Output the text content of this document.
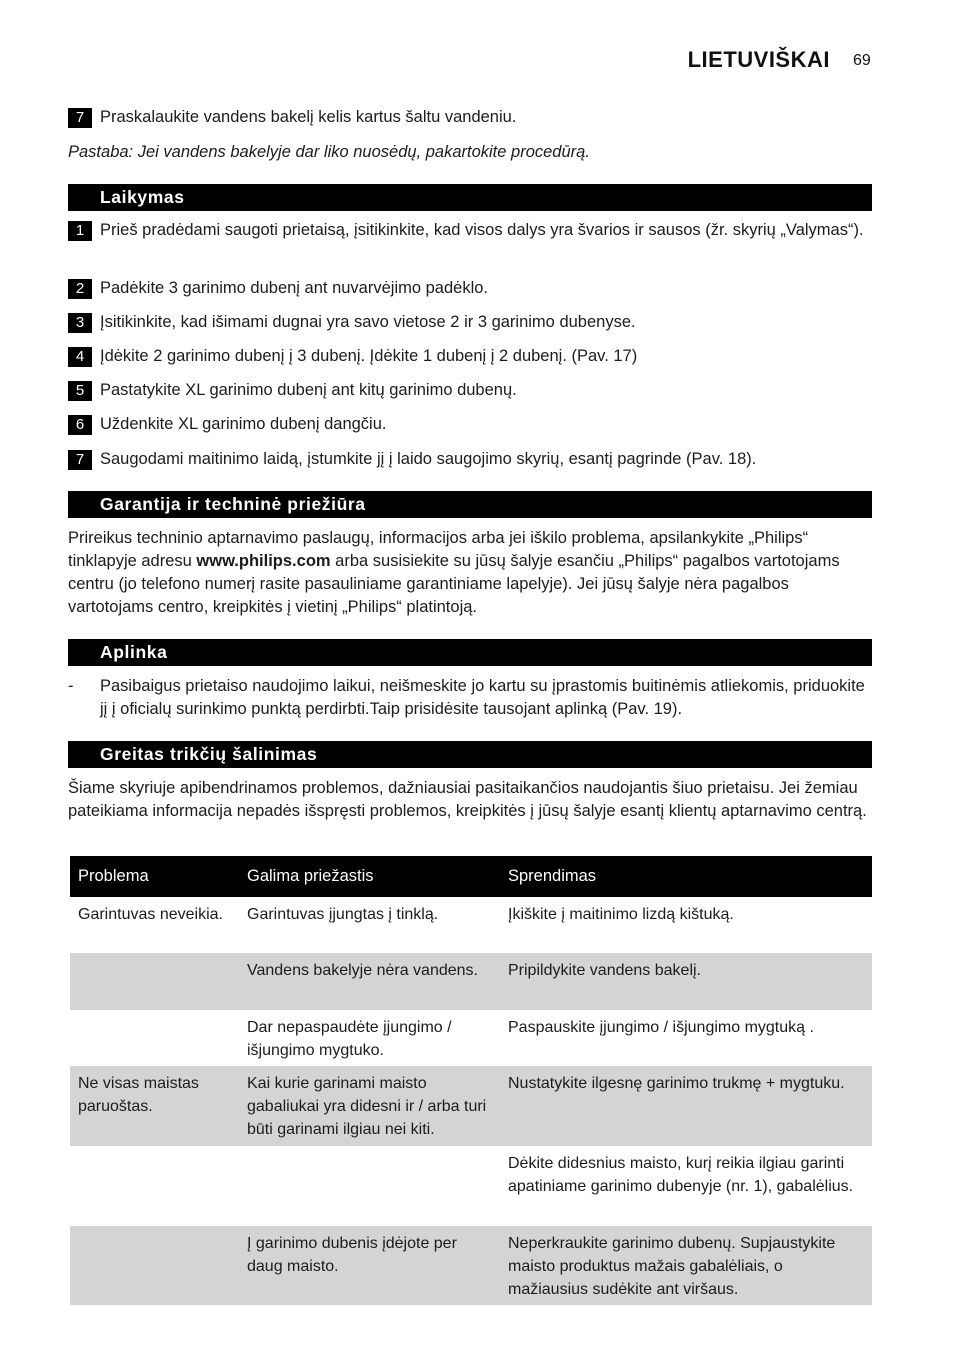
LIETUVIŠKAI 69
7 Praskalaukite vandens bakelį kelis kartus šaltu vandeniu.
Pastaba: Jei vandens bakelyje dar liko nuosėdų, pakartokite procedūrą.
Laikymas
1 Prieš pradėdami saugoti prietaisą, įsitikinkite, kad visos dalys yra švarios ir sausos (žr. skyrių „Valymas“).
2 Padėkite 3 garinimo dubenį ant nuvarvėjimo padėklo.
3 Įsitikinkite, kad išimami dugnai yra savo vietose 2 ir 3 garinimo dubenyse.
4 Įdėkite 2 garinimo dubenį į 3 dubenį. Įdėkite 1 dubenį į 2 dubenį. (Pav. 17)
5 Pastatykite XL garinimo dubenį ant kitų garinimo dubenų.
6 Uždenkite XL garinimo dubenį dangčiu.
7 Saugodami maitinimo laidą, įstumkite jį į laido saugojimo skyrių, esantį pagrinde (Pav. 18).
Garantija ir techninė priežiūra

Prireikus techninio aptarnavimo paslaugų, informacijos arba jei iškilo problema, apsilankykite „Philips“ tinklapyje adresu www.philips.com arba susisiekite su jūsų šalyje esančiu „Philips“ pagalbos vartotojams centru (jo telefono numerį rasite pasauliniame garantiniame lapelyje). Jei jūsų šalyje nėra pagalbos vartotojams centro, kreipkitės į vietinį „Philips“ platintoją.

Aplinka
-	Pasibaigus prietaiso naudojimo laikui, neišmeskite jo kartu su įprastomis buitinėmis atliekomis, priduokite jį į oficialų surinkimo punktą perdirbti.Taip prisidėsite tausojant aplinką (Pav. 19).
Greitas trikčių šalinimas

Šiame skyriuje apibendrinamos problemos, dažniausiai pasitaikančios naudojantis šiuo prietaisu. Jei žemiau pateikiama informacija nepadės išspręsti problemos, kreipkitės į jūsų šalyje esantį klientų aptarnavimo centrą.

Problema	Galima priežastis	Sprendimas
Garintuvas neveikia.	Garintuvas įjungtas į tinklą.	Įkiškite į maitinimo lizdą kištuką.
	Vandens bakelyje nėra vandens.	Pripildykite vandens bakelį.
	Dar nepaspaudėte įjungimo / išjungimo mygtuko.	Paspauskite įjungimo / išjungimo mygtuką .
Ne visas maistas paruoštas.	Kai kurie garinami maisto gabaliukai yra didesni ir / arba turi būti garinami ilgiau nei kiti.	Nustatykite ilgesnę garinimo trukmę + mygtuku.
		Dėkite didesnius maisto, kurį reikia ilgiau garinti apatiniame garinimo dubenyje (nr. 1), gabalėlius.
	Į garinimo dubenis įdėjote per daug maisto.	Neperkraukite garinimo dubenų. Supjaustykite maisto produktus mažais gabalėliais, o mažiausius sudėkite ant viršaus.
